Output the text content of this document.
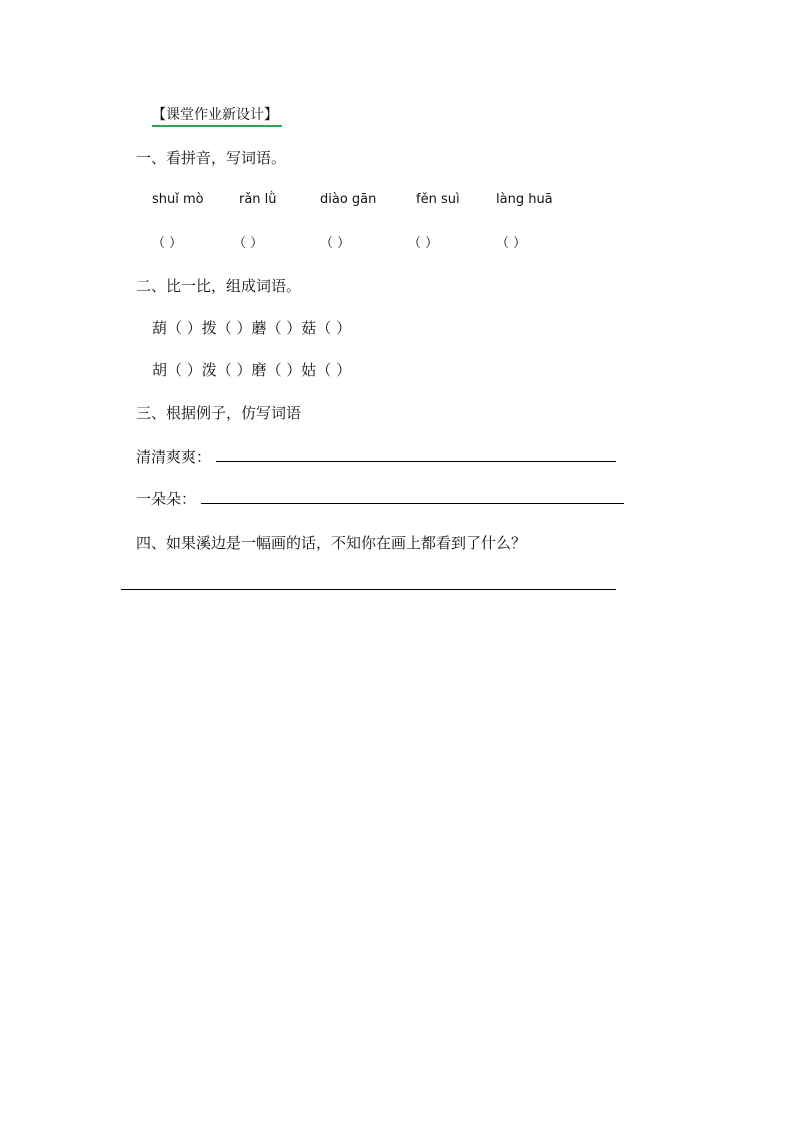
【课堂作业新设计】
一、看拼音，写词语。
shuǐ mò	rǎn lǜ	diào gān	fěn suì	làng huā
（ ）	（ ）	（ ）	（ ）	（ ）
二、比一比，组成词语。
葫（ ）拨（ ）蘑（ ）菇（ ）
胡（ ）泼（ ）磨（ ）姑（ ）
三、根据例子，仿写词语
清清爽爽：
一朵朵：
四、如果溪边是一幅画的话，不知你在画上都看到了什么？
